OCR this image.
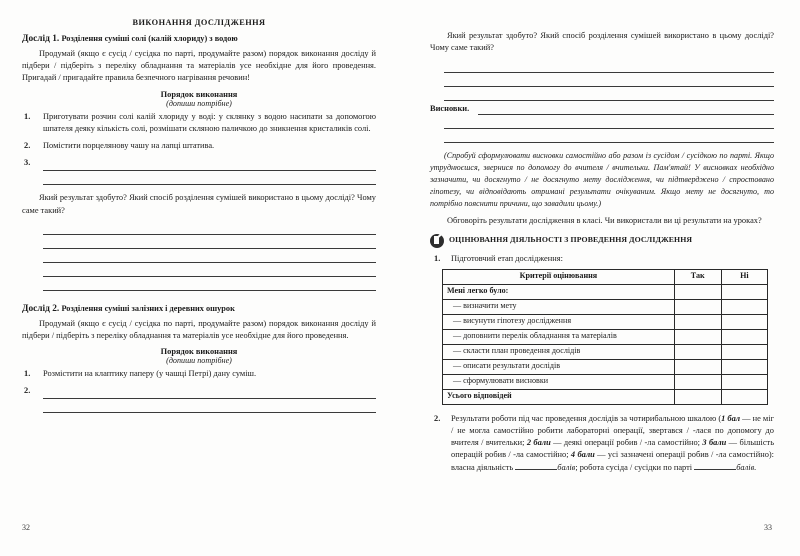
ВИКОНАННЯ ДОСЛІДЖЕННЯ
Дослід 1. Розділення суміші солі (калій хлориду) з водою

Продумай (якщо є сусід / сусідка по парті, продумайте разом) порядок виконання досліду й підбери / підберіть з переліку обладнання та матеріалів усе необхідне для його проведення. Пригадай / пригадайте правила безпечного нагрівання речовин!

Порядок виконання
(допиши потрібне)
1. Приготувати розчин солі калій хлориду у воді: у склянку з водою насипати за допомогою шпателя деяку кількість солі, розмішати скляною паличкою до зникнення кристаликів солі.
2. Помістити порцелянову чашу на лапці штатива.
3.
Який результат здобуто? Який спосіб розділення сумішей використано в цьому досліді? Чому саме такий?
Дослід 2. Розділення суміші залізних і деревних ошурок

Продумай (якщо є сусід / сусідка по парті, продумайте разом) порядок виконання досліду й підбери / підберіть з переліку обладнання та матеріалів усе необхідне для його проведення.

Порядок виконання
(допиши потрібне)
1. Розмістити на клаптику паперу (у чашці Петрі) дану суміш.
2.
32
Який результат здобуто? Який спосіб розділення сумішей використано в цьому досліді? Чому саме такий?
Висновки.
(Спробуй сформулювати висновки самостійно або разом із сусідом / сусідкою по парті. Якщо утруднюєшся, звернися по допомогу до вчителя / вчительки. Пам'ятай! У висновках необхідно зазначити, чи досягнуто / не досягнуто мету дослідження, чи підтверджено / спростовано гіпотезу, чи відповідають отримані результати очікуваним. Якщо мету не досягнуто, то потрібно пояснити причини, що завадили цьому.)
Обговоріть результати дослідження в класі. Чи використали ви ці результати на уроках?
ОЦІНЮВАННЯ ДІЯЛЬНОСТІ З ПРОВЕДЕННЯ ДОСЛІДЖЕННЯ
1. Підготовчий етап дослідження:
Критерії оцінювання	Так	Ні
Мені легко було:		
— визначити мету		
— висунути гіпотезу дослідження		
— доповнити перелік обладнання та матеріалів		
— скласти план проведення дослідів		
— описати результати дослідів		
— сформулювати висновки		
Усього відповідей		
2. Результати роботи під час проведення дослідів за чотирибальною шкалою (1 бал — не міг / не могла самостійно робити лабораторні операції, звертався / -лася по допомогу до вчителя / вчительки; 2 бали — деякі операції робив / -ла самостійно; 3 бали — більшість операцій робив / -ла самостійно; 4 бали — усі зазначені операції робив / -ла самостійно): власна діяльність	балів; робота сусіда / сусідки по парті	балів.
33
